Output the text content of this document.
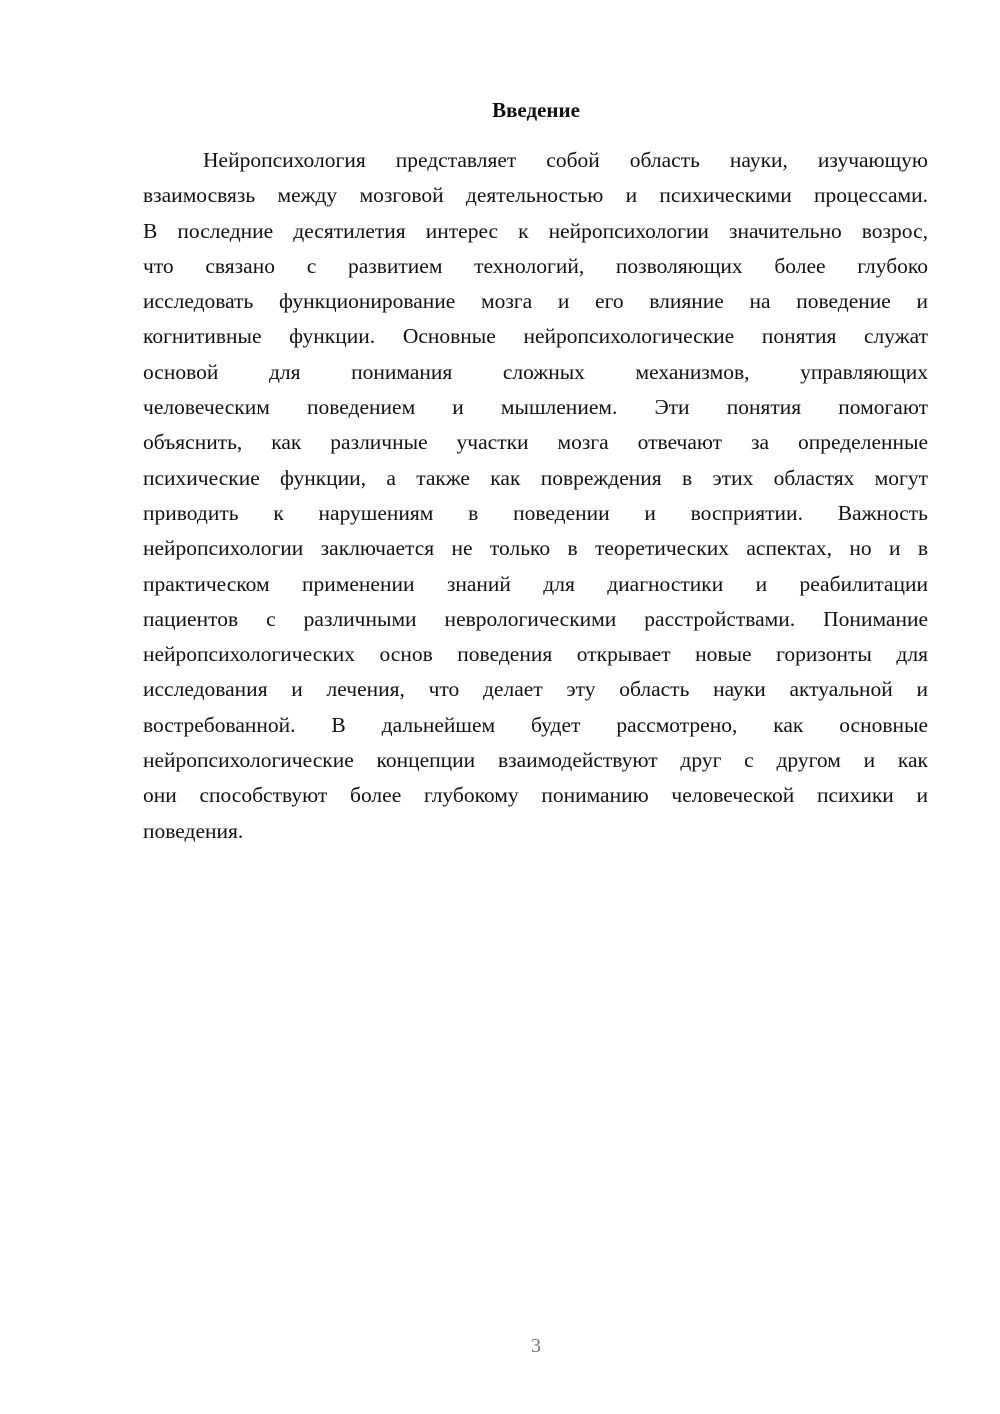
Введение
Нейропсихология представляет собой область науки, изучающую
взаимосвязь между мозговой деятельностью и психическими процессами.
В последние десятилетия интерес к нейропсихологии значительно возрос,
что связано с развитием технологий, позволяющих более глубоко
исследовать функционирование мозга и его влияние на поведение и
когнитивные функции. Основные нейропсихологические понятия служат
основой для понимания сложных механизмов, управляющих
человеческим поведением и мышлением. Эти понятия помогают
объяснить, как различные участки мозга отвечают за определенные
психические функции, а также как повреждения в этих областях могут
приводить к нарушениям в поведении и восприятии. Важность
нейропсихологии заключается не только в теоретических аспектах, но и в
практическом применении знаний для диагностики и реабилитации
пациентов с различными неврологическими расстройствами. Понимание
нейропсихологических основ поведения открывает новые горизонты для
исследования и лечения, что делает эту область науки актуальной и
востребованной. В дальнейшем будет рассмотрено, как основные
нейропсихологические концепции взаимодействуют друг с другом и как
они способствуют более глубокому пониманию человеческой психики и
поведения.
3
